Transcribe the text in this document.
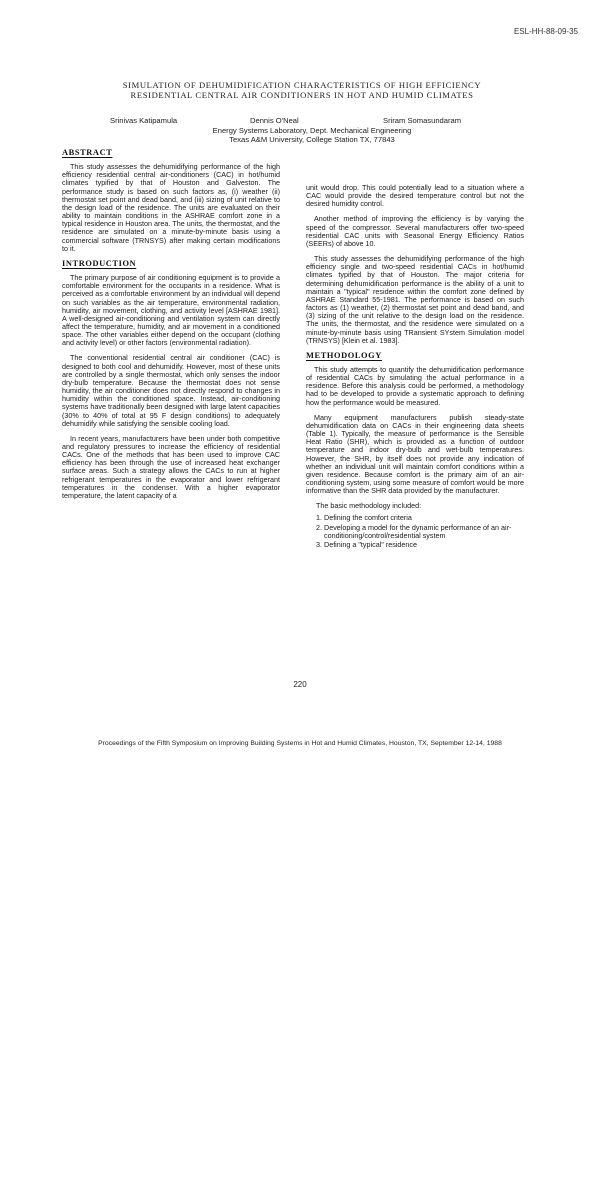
ESL-HH-88-09-35
SIMULATION OF DEHUMIDIFICATION CHARACTERISTICS OF HIGH EFFICIENCY
RESIDENTIAL CENTRAL AIR CONDITIONERS IN HOT AND HUMID CLIMATES
Srinivas Katipamula	Dennis O'Neal	Sriram Somasundaram
Energy Systems Laboratory, Dept. Mechanical Engineering
Texas A&M University, College Station TX, 77843
ABSTRACT

This study assesses the dehumidifying performance of the high efficiency residential central air-conditioners (CAC) in hot/humid climates typified by that of Houston and Galveston. The performance study is based on such factors as, (i) weather (ii) thermostat set point and dead band, and (iii) sizing of unit relative to the design load of the residence. The units are evaluated on their ability to maintain conditions in the ASHRAE comfort zone in a typical residence in Houston area. The units, the thermostat, and the residence are simulated on a minute-by-minute basis using a commercial software (TRNSYS) after making certain modifications to it.

INTRODUCTION

The primary purpose of air conditioning equipment is to provide a comfortable environment for the occupants in a residence. What is perceived as a comfortable environment by an individual will depend on such variables as the air temperature, environmental radiation, humidity, air movement, clothing, and activity level [ASHRAE 1981]. A well-designed air-conditioning and ventilation system can directly affect the temperature, humidity, and air movement in a conditioned space. The other variables either depend on the occupant (clothing and activity level) or other factors (environmental radiation).

The conventional residential central air conditioner (CAC) is designed to both cool and dehumidify. However, most of these units are controlled by a single thermostat, which only senses the indoor dry-bulb temperature. Because the thermostat does not sense humidity, the air conditioner does not directly respond to changes in humidity within the conditioned space. Instead, air-conditioning systems have traditionally been designed with large latent capacities (30% to 40% of total at 95 F design conditions) to adequately dehumidify while satisfying the sensible cooling load.

In recent years, manufacturers have been under both competitive and regulatory pressures to increase the efficiency of residential CACs. One of the methods that has been used to improve CAC efficiency has been through the use of increased heat exchanger surface areas. Such a strategy allows the CACs to run at higher refrigerant temperatures in the evaporator and lower refrigerant temperatures in the condenser. With a higher evaporator temperature, the latent capacity of a

unit would drop. This could potentially lead to a situation where a CAC would provide the desired temperature control but not the desired humidity control.

Another method of improving the efficiency is by varying the speed of the compressor. Several manufacturers offer two-speed residential CAC units with Seasonal Energy Efficiency Ratios (SEERs) of above 10.

This study assesses the dehumidifying performance of the high efficiency single and two-speed residential CACs in hot/humid climates typified by that of Houston. The major criteria for determining dehumidification performance is the ability of a unit to maintain a "typical" residence within the comfort zone defined by ASHRAE Standard 55-1981. The performance is based on such factors as (1) weather, (2) thermostat set point and dead band, and (3) sizing of the unit relative to the design load on the residence. The units, the thermostat, and the residence were simulated on a minute-by-minute basis using TRansient SYstem Simulation model (TRNSYS) [Klein et al. 1983].

METHODOLOGY

This study attempts to quantify the dehumidification performance of residential CACs by simulating the actual performance in a residence. Before this analysis could be performed, a methodology had to be developed to provide a systematic approach to defining how the performance would be measured.

Many equipment manufacturers publish steady-state dehumidification data on CACs in their engineering data sheets (Table 1). Typically, the measure of performance is the Sensible Heat Ratio (SHR), which is provided as a function of outdoor temperature and indoor dry-bulb and wet-bulb temperatures. However, the SHR, by itself does not provide any indication of whether an individual unit will maintain comfort conditions within a given residence. Because comfort is the primary aim of an air-conditioning system, using some measure of comfort would be more informative than the SHR data provided by the manufacturer.

The basic methodology included:

1. Defining the comfort criteria
2. Developing a model for the dynamic performance of an air-conditioning/control/residential system
3. Defining a "typical" residence
220
Proceedings of the Fifth Symposium on Improving Building Systems in Hot and Humid Climates, Houston, TX, September 12-14, 1988
